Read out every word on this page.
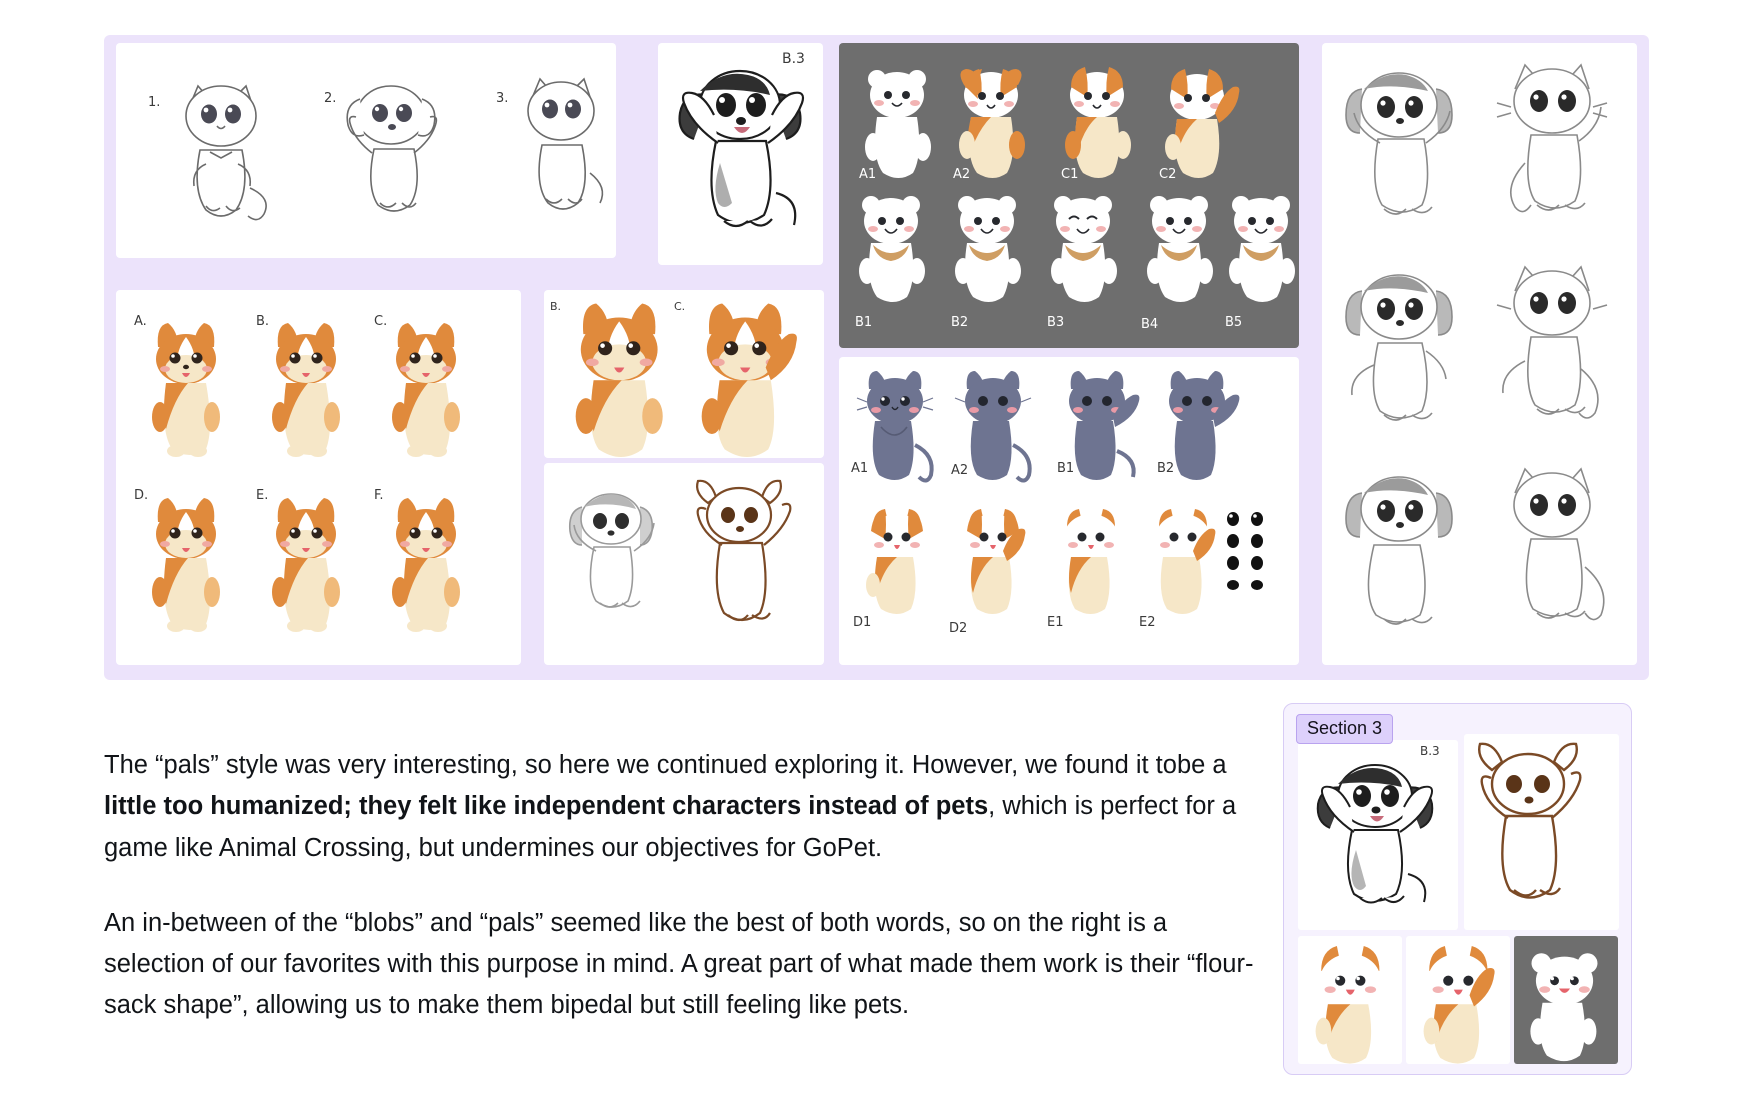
1.	2.	3.
B.3
A1	A2	C1	C2
B1	B2	B3	B4	B5
A.	B.	C.
D.	E.	F.
B.	C.
A1	A2	B1	B2
D1	D2	E1	E2

The “pals” style was very interesting, so here we continued exploring it. However, we found it tobe a little too humanized; they felt like independent characters instead of pets, which is perfect for a game like Animal Crossing, but undermines our objectives for GoPet.

An in-between of the “blobs” and “pals” seemed like the best of both words, so on the right is a selection of our favorites with this purpose in mind. A great part of what made them work is their “flour-sack shape”, allowing us to make them bipedal but still feeling like pets.

Section 3
B.3
